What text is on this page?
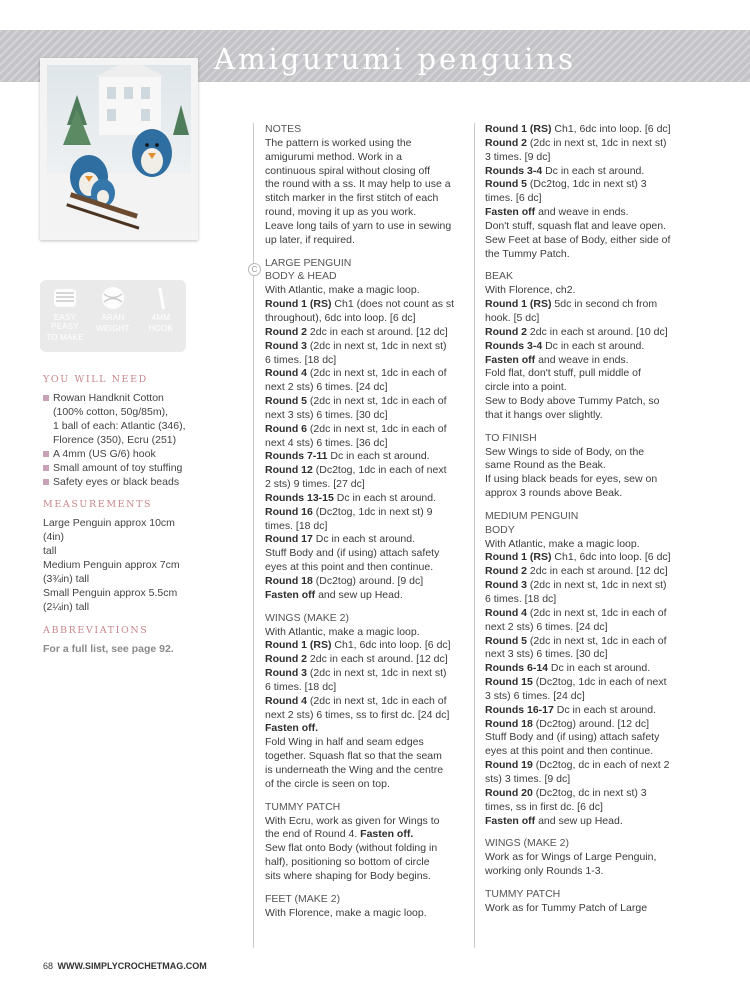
Amigurumi penguins
EASY PEASY
TO MAKE
ARAN
WEIGHT
4MM
HOOK
YOU WILL NEED
Rowan Handknit Cotton
(100% cotton, 50g/85m),
1 ball of each: Atlantic (346),
Florence (350), Ecru (251)
A 4mm (US G/6) hook
Small amount of toy stuffing
Safety eyes or black beads
MEASUREMENTS

Large Penguin approx 10cm (4in)

tall

Medium Penguin approx 7cm

(3¾in) tall

Small Penguin approx 5.5cm

(2¼in) tall

ABBREVIATIONS

For a full list, see page 92.

C
NOTES

The pattern is worked using the

amigurumi method. Work in a

continuous spiral without closing off

the round with a ss. It may help to use a

stitch marker in the first stitch of each

round, moving it up as you work.

Leave long tails of yarn to use in sewing

up later, if required.

LARGE PENGUIN
BODY & HEAD

With Atlantic, make a magic loop.

Round 1 (RS) Ch1 (does not count as st

throughout), 6dc into loop. [6 dc]

Round 2 2dc in each st around. [12 dc]

Round 3 (2dc in next st, 1dc in next st)

6 times. [18 dc]

Round 4 (2dc in next st, 1dc in each of

next 2 sts) 6 times. [24 dc]

Round 5 (2dc in next st, 1dc in each of

next 3 sts) 6 times. [30 dc]

Round 6 (2dc in next st, 1dc in each of

next 4 sts) 6 times. [36 dc]

Rounds 7-11 Dc in each st around.

Round 12 (Dc2tog, 1dc in each of next

2 sts) 9 times. [27 dc]

Rounds 13-15 Dc in each st around.

Round 16 (Dc2tog, 1dc in next st) 9

times. [18 dc]

Round 17 Dc in each st around.

Stuff Body and (if using) attach safety

eyes at this point and then continue.

Round 18 (Dc2tog) around. [9 dc]

Fasten off and sew up Head.

WINGS (MAKE 2)

With Atlantic, make a magic loop.

Round 1 (RS) Ch1, 6dc into loop. [6 dc]

Round 2 2dc in each st around. [12 dc]

Round 3 (2dc in next st, 1dc in next st)

6 times. [18 dc]

Round 4 (2dc in next st, 1dc in each of

next 2 sts) 6 times, ss to first dc. [24 dc]

Fasten off.

Fold Wing in half and seam edges

together. Squash flat so that the seam

is underneath the Wing and the centre

of the circle is seen on top.

TUMMY PATCH

With Ecru, work as given for Wings to

the end of Round 4. Fasten off.

Sew flat onto Body (without folding in

half), positioning so bottom of circle

sits where shaping for Body begins.

FEET (MAKE 2)

With Florence, make a magic loop.

Round 1 (RS) Ch1, 6dc into loop. [6 dc]

Round 2 (2dc in next st, 1dc in next st)

3 times. [9 dc]

Rounds 3-4 Dc in each st around.

Round 5 (Dc2tog, 1dc in next st) 3

times. [6 dc]

Fasten off and weave in ends.

Don't stuff, squash flat and leave open.

Sew Feet at base of Body, either side of

the Tummy Patch.

BEAK

With Florence, ch2.

Round 1 (RS) 5dc in second ch from

hook. [5 dc]

Round 2 2dc in each st around. [10 dc]

Rounds 3-4 Dc in each st around.

Fasten off and weave in ends.

Fold flat, don't stuff, pull middle of

circle into a point.

Sew to Body above Tummy Patch, so

that it hangs over slightly.

TO FINISH

Sew Wings to side of Body, on the

same Round as the Beak.

If using black beads for eyes, sew on

approx 3 rounds above Beak.

MEDIUM PENGUIN
BODY

With Atlantic, make a magic loop.

Round 1 (RS) Ch1, 6dc into loop. [6 dc]

Round 2 2dc in each st around. [12 dc]

Round 3 (2dc in next st, 1dc in next st)

6 times. [18 dc]

Round 4 (2dc in next st, 1dc in each of

next 2 sts) 6 times. [24 dc]

Round 5 (2dc in next st, 1dc in each of

next 3 sts) 6 times. [30 dc]

Rounds 6-14 Dc in each st around.

Round 15 (Dc2tog, 1dc in each of next

3 sts) 6 times. [24 dc]

Rounds 16-17 Dc in each st around.

Round 18 (Dc2tog) around. [12 dc]

Stuff Body and (if using) attach safety

eyes at this point and then continue.

Round 19 (Dc2tog, dc in each of next 2

sts) 3 times. [9 dc]

Round 20 (Dc2tog, dc in next st) 3

times, ss in first dc. [6 dc]

Fasten off and sew up Head.

WINGS (MAKE 2)

Work as for Wings of Large Penguin,

working only Rounds 1-3.

TUMMY PATCH

Work as for Tummy Patch of Large

68 WWW.SIMPLYCROCHETMAG.COM
